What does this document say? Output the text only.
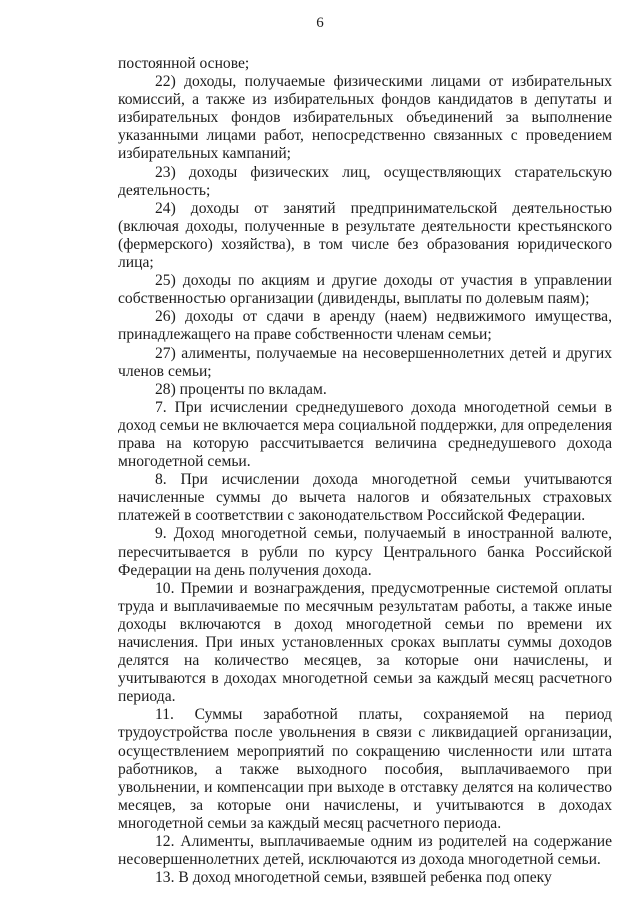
6

постоянной основе;

22) доходы, получаемые физическими лицами от избирательных комиссий, а также из избирательных фондов кандидатов в депутаты и избирательных фондов избирательных объединений за выполнение указанными лицами работ, непосредственно связанных с проведением избирательных кампаний;

23) доходы физических лиц, осуществляющих старательскую деятельность;

24) доходы от занятий предпринимательской деятельностью (включая доходы, полученные в результате деятельности крестьянского (фермерского) хозяйства), в том числе без образования юридического лица;

25) доходы по акциям и другие доходы от участия в управлении собственностью организации (дивиденды, выплаты по долевым паям);

26) доходы от сдачи в аренду (наем) недвижимого имущества, принадлежащего на праве собственности членам семьи;

27) алименты, получаемые на несовершеннолетних детей и других членов семьи;

28) проценты по вкладам.

7. При исчислении среднедушевого дохода многодетной семьи в доход семьи не включается мера социальной поддержки, для определения права на которую рассчитывается величина среднедушевого дохода многодетной семьи.

8. При исчислении дохода многодетной семьи учитываются начисленные суммы до вычета налогов и обязательных страховых платежей в соответствии с законодательством Российской Федерации.

9. Доход многодетной семьи, получаемый в иностранной валюте, пересчитывается в рубли по курсу Центрального банка Российской Федерации на день получения дохода.

10. Премии и вознаграждения, предусмотренные системой оплаты труда и выплачиваемые по месячным результатам работы, а также иные доходы включаются в доход многодетной семьи по времени их начисления. При иных установленных сроках выплаты суммы доходов делятся на количество месяцев, за которые они начислены, и учитываются в доходах многодетной семьи за каждый месяц расчетного периода.

11. Суммы заработной платы, сохраняемой на период трудоустройства после увольнения в связи с ликвидацией организации, осуществлением мероприятий по сокращению численности или штата работников, а также выходного пособия, выплачиваемого при увольнении, и компенсации при выходе в отставку делятся на количество месяцев, за которые они начислены, и учитываются в доходах многодетной семьи за каждый месяц расчетного периода.

12. Алименты, выплачиваемые одним из родителей на содержание несовершеннолетних детей, исключаются из дохода многодетной семьи.

13. В доход многодетной семьи, взявшей ребенка под опеку
